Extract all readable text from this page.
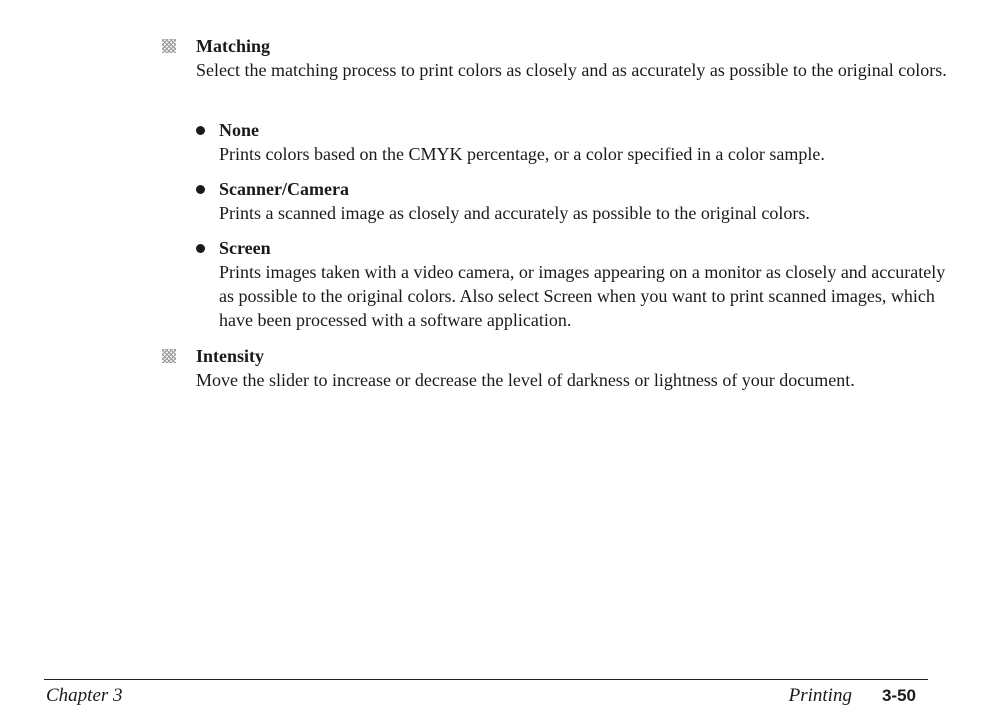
Matching
Select the matching process to print colors as closely and as accurately as possible to the original colors.
None
Prints colors based on the CMYK percentage, or a color specified in a color sample.
Scanner/Camera
Prints a scanned image as closely and accurately as possible to the original colors.
Screen
Prints images taken with a video camera, or images appearing on a monitor as closely and accurately as possible to the original colors. Also select Screen when you want to print scanned images, which have been processed with a software application.
Intensity
Move the slider to increase or decrease the level of darkness or lightness of your document.
Chapter 3	Printing 3-50
